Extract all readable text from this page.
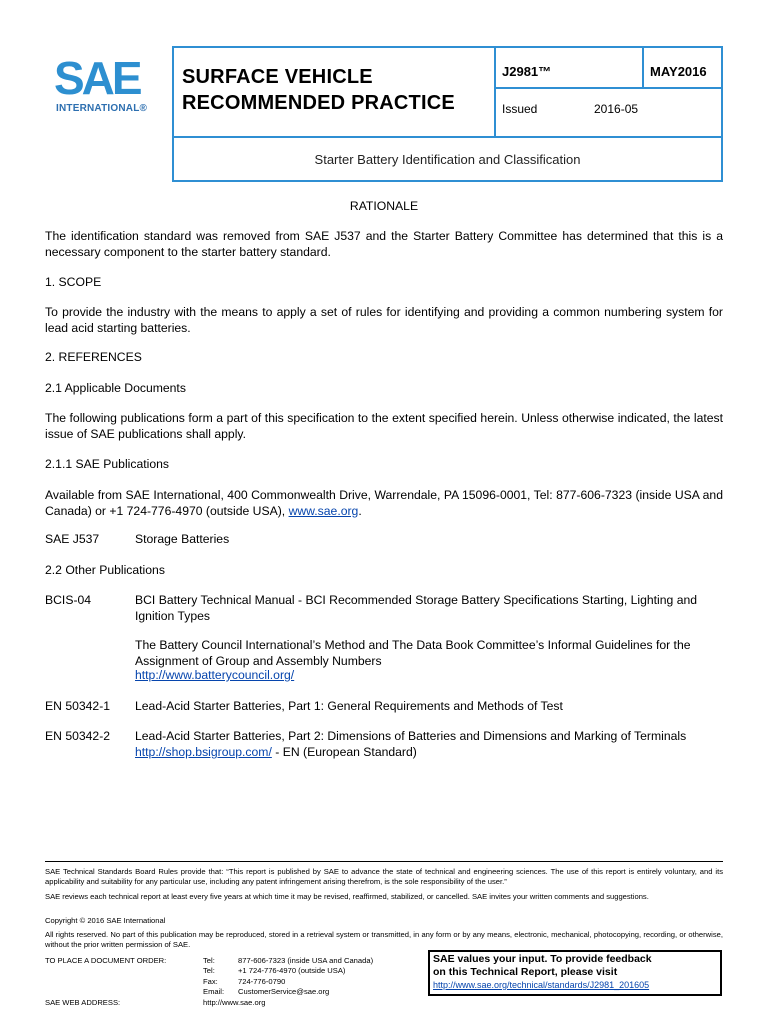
SAE
INTERNATIONAL®
SURFACE VEHICLE
RECOMMENDED PRACTICE
J2981™	MAY2016
Issued	2016-05
Starter Battery Identification and Classification
RATIONALE
The identification standard was removed from SAE J537 and the Starter Battery Committee has determined that this is a necessary component to the starter battery standard.
1. SCOPE
To provide the industry with the means to apply a set of rules for identifying and providing a common numbering system for lead acid starting batteries.
2. REFERENCES
2.1 Applicable Documents
The following publications form a part of this specification to the extent specified herein. Unless otherwise indicated, the latest issue of SAE publications shall apply.
2.1.1 SAE Publications
Available from SAE International, 400 Commonwealth Drive, Warrendale, PA 15096-0001, Tel: 877-606-7323 (inside USA and Canada) or +1 724-776-4970 (outside USA), www.sae.org.
SAE J537	Storage Batteries
2.2 Other Publications
BCIS-04	BCI Battery Technical Manual - BCI Recommended Storage Battery Specifications Starting, Lighting and Ignition Types
The Battery Council International’s Method and The Data Book Committee’s Informal Guidelines for the Assignment of Group and Assembly Numbers
http://www.batterycouncil.org/
EN 50342-1 Lead-Acid Starter Batteries, Part 1: General Requirements and Methods of Test
EN 50342-2 Lead-Acid Starter Batteries, Part 2: Dimensions of Batteries and Dimensions and Marking of Terminals
http://shop.bsigroup.com/ - EN (European Standard)
SAE Technical Standards Board Rules provide that: “This report is published by SAE to advance the state of technical and engineering sciences. The use of this report is entirely voluntary, and its applicability and suitability for any particular use, including any patent infringement arising therefrom, is the sole responsibility of the user.”
SAE reviews each technical report at least every five years at which time it may be revised, reaffirmed, stabilized, or cancelled. SAE invites your written comments and suggestions.
Copyright © 2016 SAE International
All rights reserved. No part of this publication may be reproduced, stored in a retrieval system or transmitted, in any form or by any means, electronic, mechanical, photocopying, recording, or otherwise, without the prior written permission of SAE.
TO PLACE A DOCUMENT ORDER:	Tel:	877-606-7323 (inside USA and Canada)
Tel:	+1 724-776-4970 (outside USA)
Fax:	724-776-0790
Email: CustomerService@sae.org
SAE WEB ADDRESS:	http://www.sae.org
SAE values your input. To provide feedback
on this Technical Report, please visit
http://www.sae.org/technical/standards/J2981_201605
